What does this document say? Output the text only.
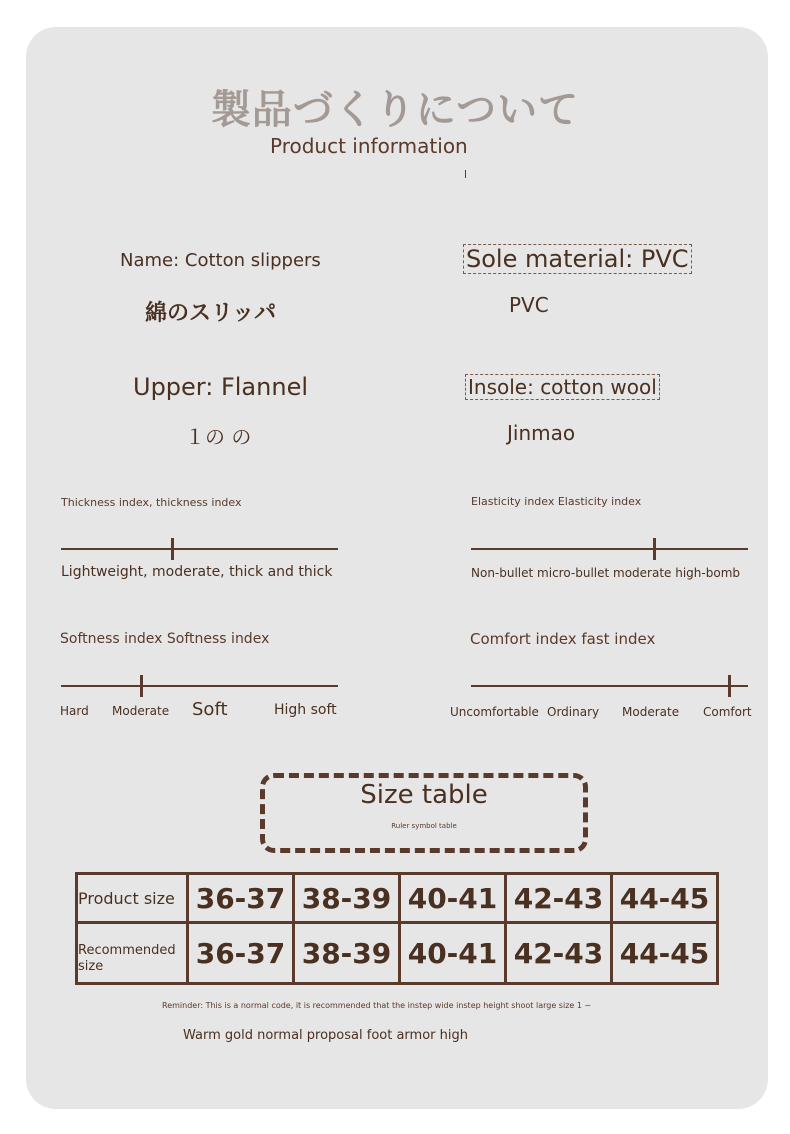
製品づくりについて
Product information
Name: Cotton slippers
綿のスリッパ
Sole material: PVC
PVC
Upper: Flannel
１の の
Insole: cotton wool
Jinmao
Thickness index, thickness index
Lightweight, moderate, thick and thick
Elasticity index Elasticity index
Non-bullet micro-bullet moderate high-bomb
Softness index Softness index
Hard Moderate Soft	High soft
Comfort index fast index
Uncomfortable Ordinary Moderate Comfort
Size table
Ruler symbol table
Product size	36-37	38-39	40-41	42-43	44-45
Recommended size	36-37	38-39	40-41	42-43	44-45
Reminder: This is a normal code, it is recommended that the instep wide instep height shoot large size 1 ~
Warm gold normal proposal foot armor high
